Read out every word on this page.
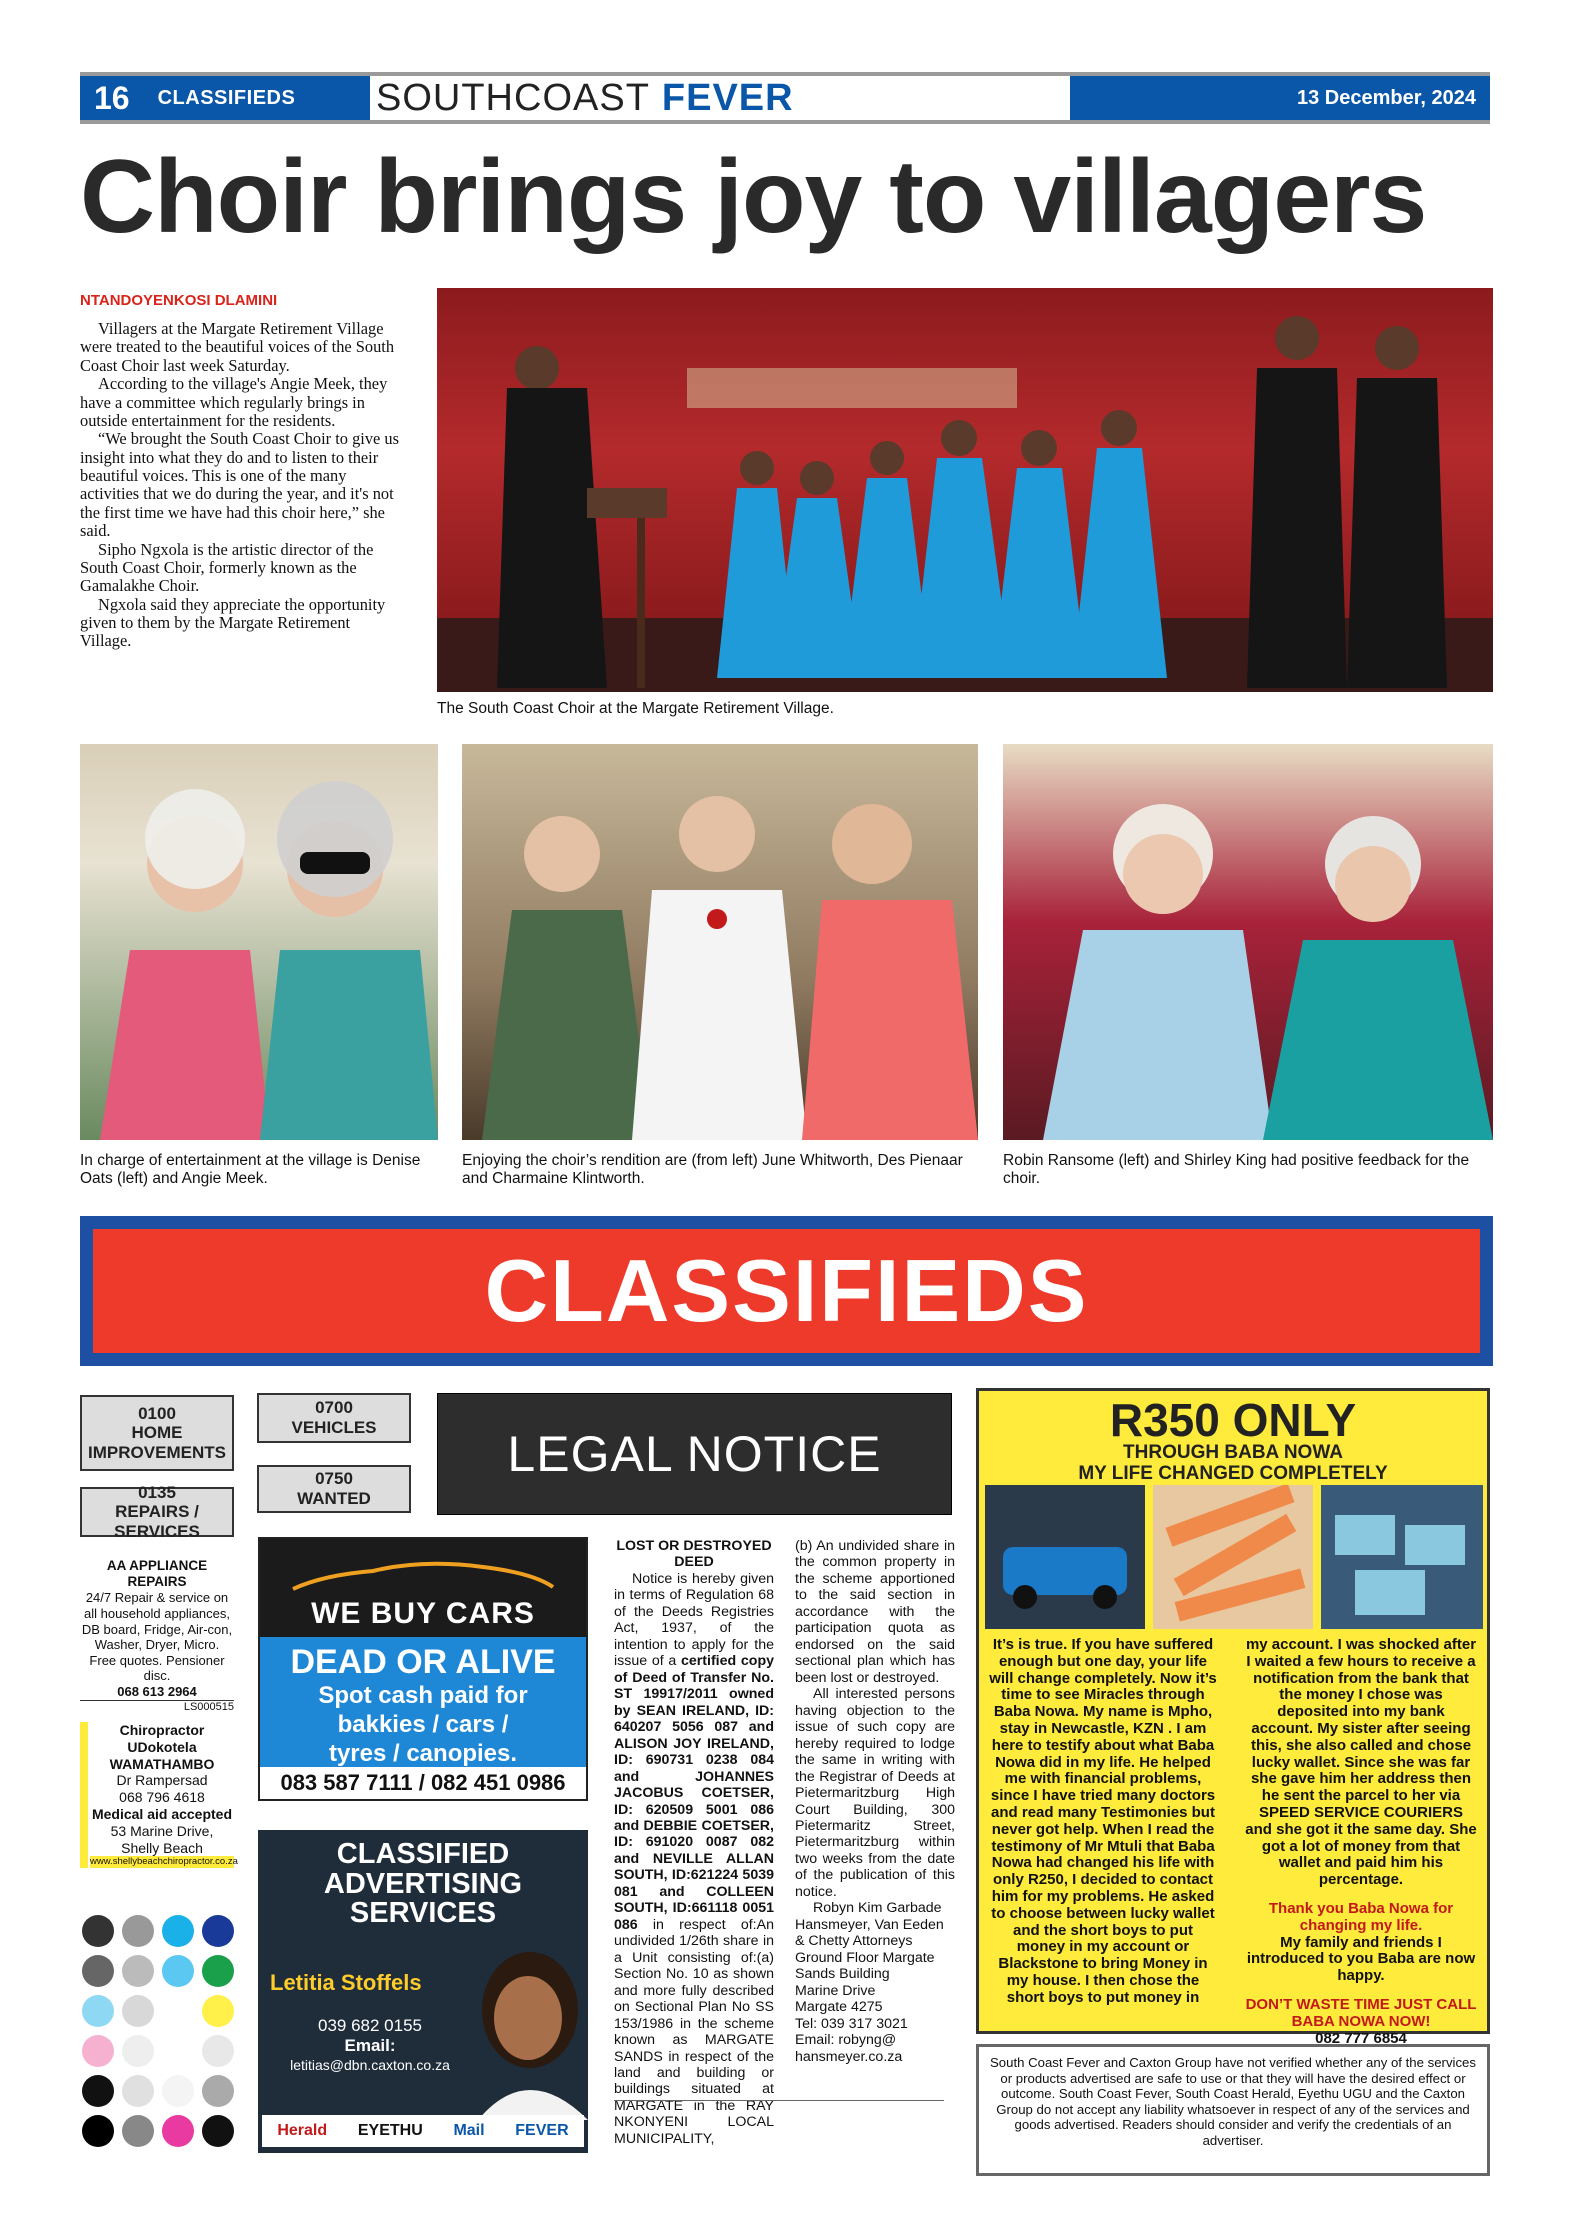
16 CLASSIFIEDS SOUTHCOAST FEVER	13 December, 2024
Choir brings joy to villagers
NTANDOYENKOSI DLAMINI

Villagers at the Margate Retirement Village were treated to the beautiful voices of the South Coast Choir last week Saturday.

According to the village's Angie Meek, they have a committee which regularly brings in outside entertainment for the residents.

“We brought the South Coast Choir to give us insight into what they do and to listen to their beautiful voices. This is one of the many activities that we do during the year, and it's not the first time we have had this choir here,” she said.

Sipho Ngxola is the artistic director of the South Coast Choir, formerly known as the Gamalakhe Choir.

Ngxola said they appreciate the opportunity given to them by the Margate Retirement Village.

The South Coast Choir at the Margate Retirement Village.
In charge of entertainment at the village is Denise Oats (left) and Angie Meek.
Enjoying the choir’s rendition are (from left) June Whitworth, Des Pienaar and Charmaine Klintworth.
Robin Ransome (left) and Shirley King had positive feedback for the choir.
CLASSIFIEDS
0100
HOME
IMPROVEMENTS
0700
VEHICLES
0750
WANTED
0135
REPAIRS / SERVICES
AA APPLIANCE REPAIRS
24/7 Repair & service on all household appliances, DB board, Fridge, Air-con, Washer, Dryer, Micro. Free quotes. Pensioner disc.
068 613 2964
LS000515
Chiropractor
UDokotela
WAMATHAMBO
Dr Rampersad
068 796 4618
Medical aid accepted
53 Marine Drive,
Shelly Beach
www.shellybeachchiropractor.co.za
WE BUY CARS
DEAD OR ALIVE
Spot cash paid for
bakkies / cars /
tyres / canopies.
083 587 7111 / 082 451 0986
CLASSIFIED
ADVERTISING
SERVICES
Letitia Stoffels
039 682 0155
Email:
letitias@dbn.caxton.co.za
Herald EYETHU Mail FEVER
LEGAL NOTICE
LOST OR DESTROYED DEED
Notice is hereby given in terms of Regulation 68 of the Deeds Registries Act, 1937, of the intention to apply for the issue of a certified copy of Deed of Transfer No. ST 19917/2011 owned by SEAN IRELAND, ID: 640207 5056 087 and ALISON JOY IRELAND, ID: 690731 0238 084 and JOHANNES JACOBUS COETSER, ID: 620509 5001 086 and DEBBIE COETSER, ID: 691020 0087 082 and NEVILLE ALLAN SOUTH, ID:621224 5039 081 and COLLEEN SOUTH, ID:661118 0051 086 in respect of:An undivided 1/26th share in a Unit consisting of:(a) Section No. 10 as shown and more fully described on Sectional Plan No SS 153/1986 in the scheme known as MARGATE SANDS in respect of the land and building or buildings situated at MARGATE in the RAY NKONYENI LOCAL MUNICIPALITY,
(b) An undivided share in the common property in the scheme apportioned to the said section in accordance with the participation quota as endorsed on the said sectional plan which has been lost or destroyed.
All interested persons having objection to the issue of such copy are hereby required to lodge the same in writing with the Registrar of Deeds at Pietermaritzburg High Court Building, 300 Pietermaritz Street, Pietermaritzburg within two weeks from the date of the publication of this notice.
Robyn Kim Garbade
Hansmeyer, Van Eeden & Chetty Attorneys
Ground Floor Margate Sands Building
Marine Drive
Margate 4275
Tel: 039 317 3021
Email: robyng@
hansmeyer.co.za
R350 ONLY
THROUGH BABA NOWA
MY LIFE CHANGED COMPLETELY
It’s is true. If you have suffered enough but one day, your life will change completely. Now it’s time to see Miracles through Baba Nowa. My name is Mpho, stay in Newcastle, KZN . I am here to testify about what Baba Nowa did in my life. He helped me with financial problems, since I have tried many doctors and read many Testimonies but never got help. When I read the testimony of Mr Mtuli that Baba Nowa had changed his life with only R250, I decided to contact him for my problems. He asked to choose between lucky wallet and the short boys to put money in my account or Blackstone to bring Money in my house. I then chose the short boys to put money in
my account. I was shocked after I waited a few hours to receive a notification from the bank that the money I chose was deposited into my bank account. My sister after seeing this, she also called and chose lucky wallet. Since she was far she gave him her address then he sent the parcel to her via SPEED SERVICE COURIERS and she got it the same day. She got a lot of money from that wallet and paid him his percentage.
Thank you Baba Nowa for changing my life.
My family and friends I introduced to you Baba are now happy.
DON’T WASTE TIME JUST CALL BABA NOWA NOW!
082 777 6854
South Coast Fever and Caxton Group have not verified whether any of the services or products advertised are safe to use or that they will have the desired effect or outcome. South Coast Fever, South Coast Herald, Eyethu UGU and the Caxton Group do not accept any liability whatsoever in respect of any of the services and goods advertised. Readers should consider and verify the credentials of an advertiser.
